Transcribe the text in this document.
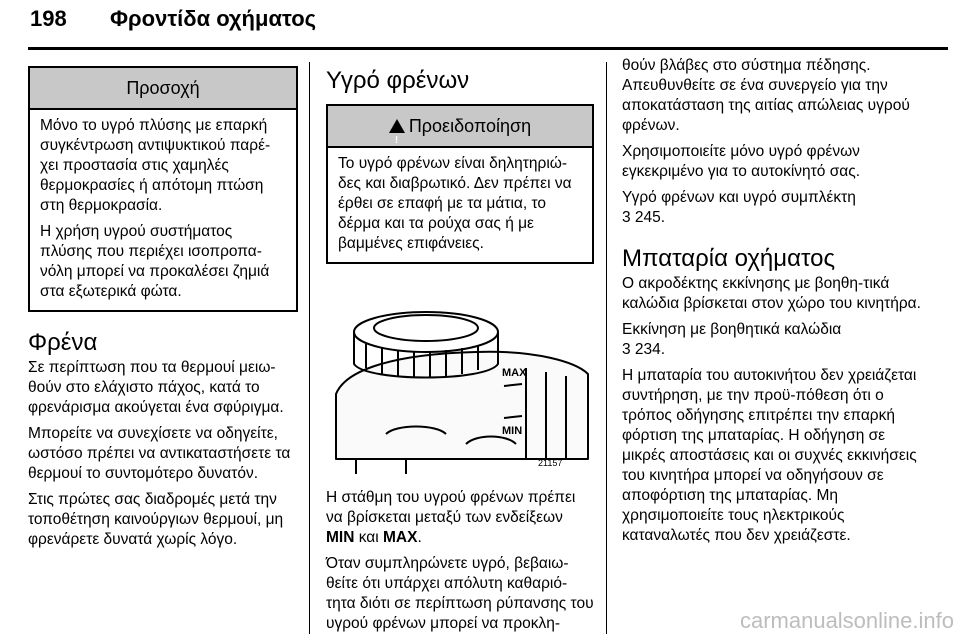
198 Φροντίδα οχήματος
Προσοχή

Μόνο το υγρό πλύσης με επαρκή συγκέντρωση αντιψυκτικού παρέ‐χει προστασία στις χαμηλές θερμοκρασίες ή απότομη πτώση στη θερμοκρασία.

Η χρήση υγρού συστήματος πλύσης που περιέχει ισοπροπα‐νόλη μπορεί να προκαλέσει ζημιά στα εξωτερικά φώτα.

Φρένα

Σε περίπτωση που τα θερμουί μειω‐θούν στο ελάχιστο πάχος, κατά το φρενάρισμα ακούγεται ένα σφύριγμα.

Μπορείτε να συνεχίσετε να οδηγείτε, ωστόσο πρέπει να αντικαταστήσετε τα θερμουί το συντομότερο δυνατόν.

Στις πρώτες σας διαδρομές μετά την τοποθέτηση καινούργιων θερμουί, μη φρενάρετε δυνατά χωρίς λόγο.

Υγρό φρένων
!Προειδοποίηση

Το υγρό φρένων είναι δηλητηριώ‐δες και διαβρωτικό. Δεν πρέπει να έρθει σε επαφή με τα μάτια, το δέρμα και τα ρούχα σας ή με βαμμένες επιφάνειες.

MAX
MIN
21157

Η στάθμη του υγρού φρένων πρέπει να βρίσκεται μεταξύ των ενδείξεων MIN και MAX.

Όταν συμπληρώνετε υγρό, βεβαιω‐θείτε ότι υπάρχει απόλυτη καθαριό‐τητα διότι σε περίπτωση ρύπανσης του υγρού φρένων μπορεί να προκλη‐

θούν βλάβες στο σύστημα πέδησης. Απευθυνθείτε σε ένα συνεργείο για την αποκατάσταση της αιτίας απώλειας υγρού φρένων.

Χρησιμοποιείτε μόνο υγρό φρένων εγκεκριμένο για το αυτοκίνητό σας.

Υγρό φρένων και υγρό συμπλέκτη
3 245.

Μπαταρία οχήματος

Ο ακροδέκτης εκκίνησης με βοηθη‐τικά καλώδια βρίσκεται στον χώρο του κινητήρα.

Εκκίνηση με βοηθητικά καλώδια
3 234.

Η μπαταρία του αυτοκινήτου δεν χρειάζεται συντήρηση, με την προϋ‐πόθεση ότι ο τρόπος οδήγησης επιτρέπει την επαρκή φόρτιση της μπαταρίας. Η οδήγηση σε μικρές αποστάσεις και οι συχνές εκκινήσεις του κινητήρα μπορεί να οδηγήσουν σε αποφόρτιση της μπαταρίας. Μη χρησιμοποιείτε τους ηλεκτρικούς καταναλωτές που δεν χρειάζεστε.

carmanualsonline.info
